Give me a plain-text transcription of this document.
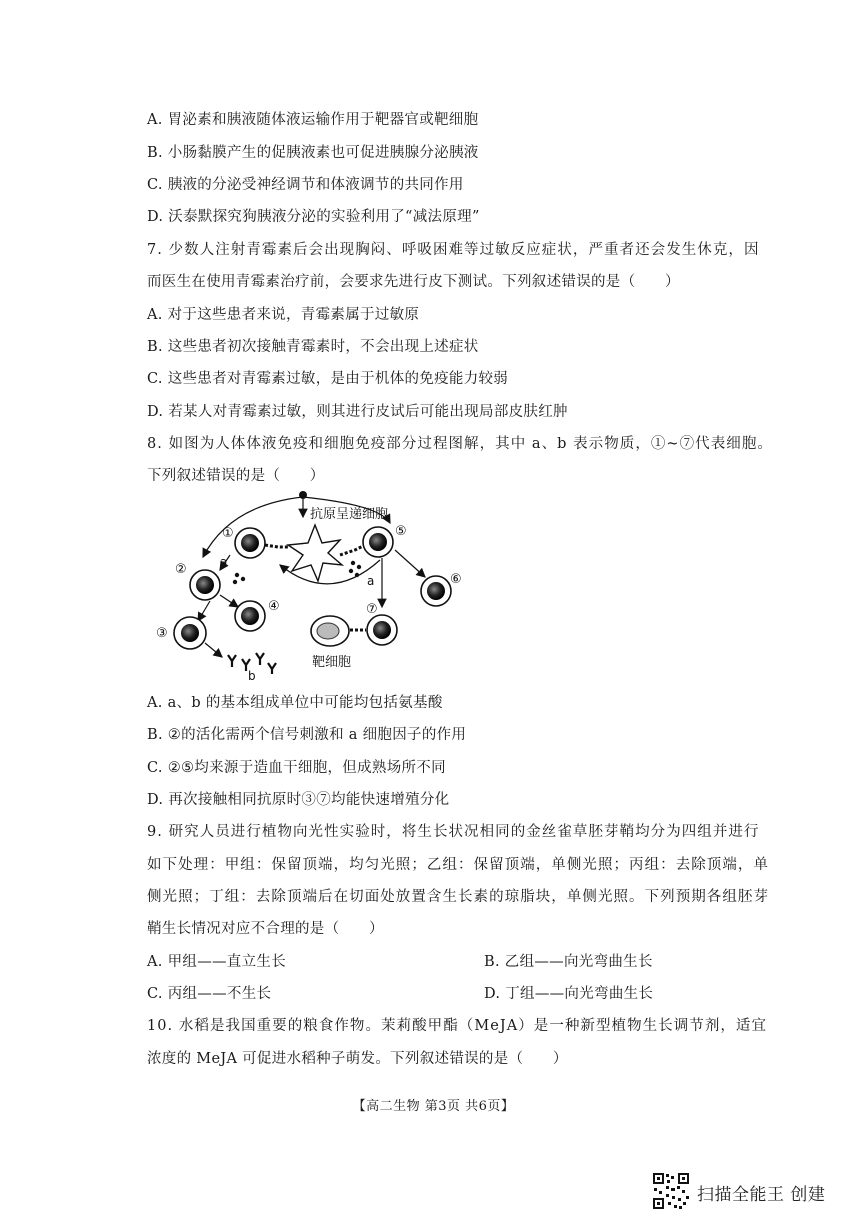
A. 胃泌素和胰液随体液运输作用于靶器官或靶细胞
B. 小肠黏膜产生的促胰液素也可促进胰腺分泌胰液
C. 胰液的分泌受神经调节和体液调节的共同作用
D. 沃泰默探究狗胰液分泌的实验利用了“减法原理”
7. 少数人注射青霉素后会出现胸闷、呼吸困难等过敏反应症状，严重者还会发生休克，因
而医生在使用青霉素治疗前，会要求先进行皮下测试。下列叙述错误的是（　　）
A. 对于这些患者来说，青霉素属于过敏原
B. 这些患者初次接触青霉素时，不会出现上述症状
C. 这些患者对青霉素过敏，是由于机体的免疫能力较弱
D. 若某人对青霉素过敏，则其进行皮试后可能出现局部皮肤红肿
8. 如图为人体体液免疫和细胞免疫部分过程图解，其中 a、b 表示物质，①~⑦代表细胞。
下列叙述错误的是（　　）
抗原呈递细胞
①	⑤
②	a
a
④
③
b
⑥
⑦
靶细胞
A. a、b 的基本组成单位中可能均包括氨基酸
B. ②的活化需两个信号刺激和 a 细胞因子的作用
C. ②⑤均来源于造血干细胞，但成熟场所不同
D. 再次接触相同抗原时③⑦均能快速增殖分化
9. 研究人员进行植物向光性实验时，将生长状况相同的金丝雀草胚芽鞘均分为四组并进行
如下处理：甲组：保留顶端，均匀光照；乙组：保留顶端，单侧光照；丙组：去除顶端，单
侧光照；丁组：去除顶端后在切面处放置含生长素的琼脂块，单侧光照。下列预期各组胚芽
鞘生长情况对应不合理的是（　　）
A. 甲组——直立生长	B. 乙组——向光弯曲生长
C. 丙组——不生长	D. 丁组——向光弯曲生长
10. 水稻是我国重要的粮食作物。茉莉酸甲酯（MeJA）是一种新型植物生长调节剂，适宜
浓度的 MeJA 可促进水稻种子萌发。下列叙述错误的是（　　）
【高二生物 第3页 共6页】
扫描全能王 创建
